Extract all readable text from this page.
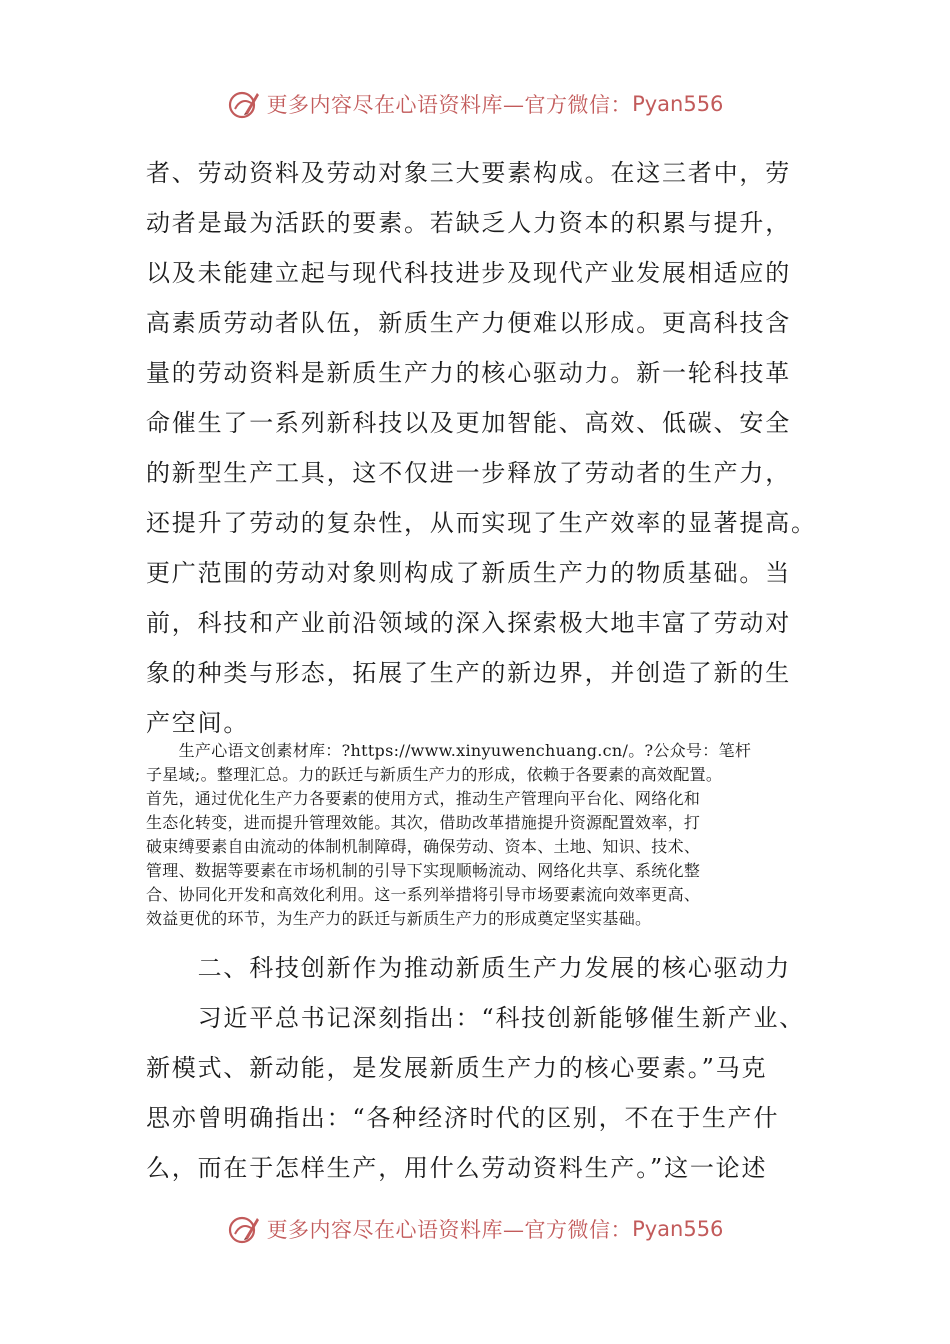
更多内容尽在心语资料库—官方微信： Pyan556
者、劳动资料及劳动对象三大要素构成。在这三者中，劳
动者是最为活跃的要素。若缺乏人力资本的积累与提升，
以及未能建立起与现代科技进步及现代产业发展相适应的
高素质劳动者队伍，新质生产力便难以形成。更高科技含
量的劳动资料是新质生产力的核心驱动力。新一轮科技革
命催生了一系列新科技以及更加智能、高效、低碳、安全
的新型生产工具，这不仅进一步释放了劳动者的生产力，
还提升了劳动的复杂性，从而实现了生产效率的显著提高。
更广范围的劳动对象则构成了新质生产力的物质基础。当
前，科技和产业前沿领域的深入探索极大地丰富了劳动对
象的种类与形态，拓展了生产的新边界，并创造了新的生
产空间。
　　生产心语文创素材库：?https://www.xinyuwenchuang.cn/。?公众号：笔杆
子星域;。整理汇总。力的跃迁与新质生产力的形成，依赖于各要素的高效配置。
首先，通过优化生产力各要素的使用方式，推动生产管理向平台化、网络化和
生态化转变，进而提升管理效能。其次，借助改革措施提升资源配置效率，打
破束缚要素自由流动的体制机制障碍，确保劳动、资本、土地、知识、技术、
管理、数据等要素在市场机制的引导下实现顺畅流动、网络化共享、系统化整
合、协同化开发和高效化利用。这一系列举措将引导市场要素流向效率更高、
效益更优的环节，为生产力的跃迁与新质生产力的形成奠定坚实基础。
　　二、科技创新作为推动新质生产力发展的核心驱动力
　　习近平总书记深刻指出：“科技创新能够催生新产业、
新模式、新动能，是发展新质生产力的核心要素。”马克
思亦曾明确指出：“各种经济时代的区别，不在于生产什
么，而在于怎样生产，用什么劳动资料生产。”这一论述
更多内容尽在心语资料库—官方微信： Pyan556
